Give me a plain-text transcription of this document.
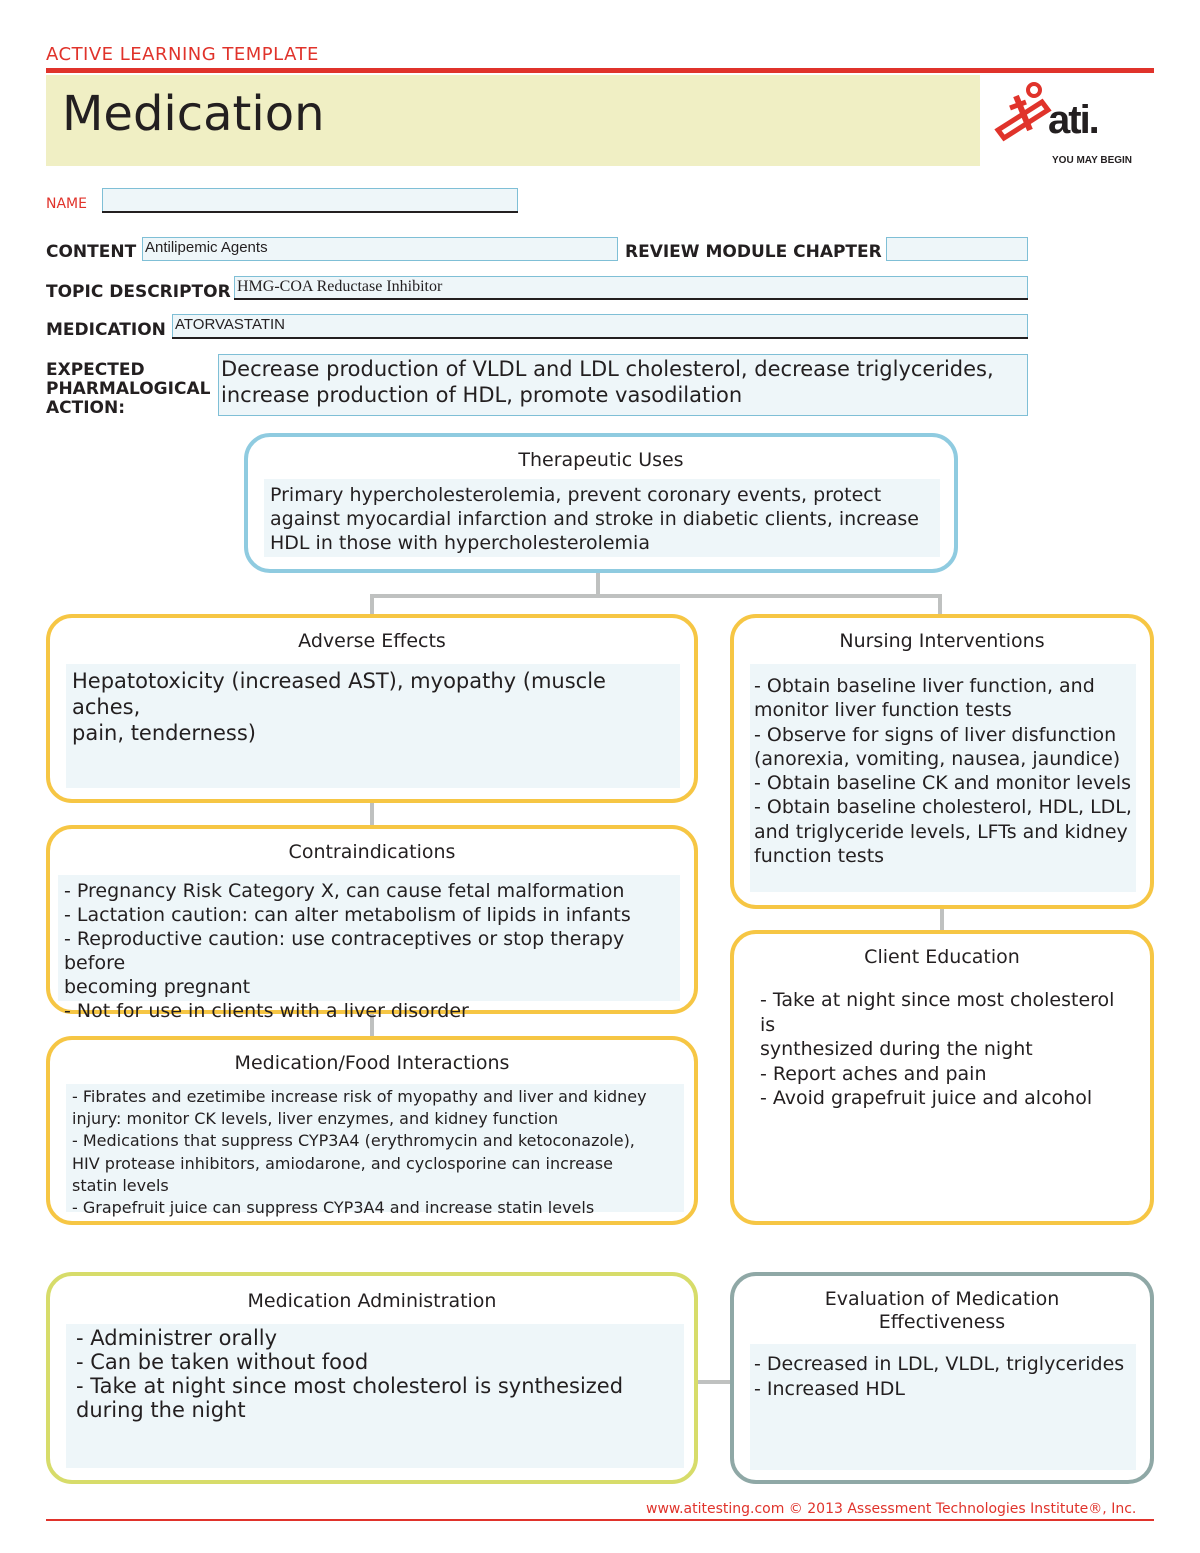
ACTIVE LEARNING TEMPLATE
Medication	ati.
YOU MAY BEGIN
NAME
CONTENT Antilipemic Agents	REVIEW MODULE CHAPTER
TOPIC DESCRIPTOR HMG-COA Reductase Inhibitor
MEDICATION ATORVASTATIN
EXPECTED PHARMALOGICAL ACTION:
Decrease production of VLDL and LDL cholesterol, decrease triglycerides, increase production of HDL, promote vasodilation
Therapeutic Uses
Primary hypercholesterolemia, prevent coronary events, protect
against myocardial infarction and stroke in diabetic clients, increase
HDL in those with hypercholesterolemia
Adverse Effects
Hepatotoxicity (increased AST), myopathy (muscle aches,
pain, tenderness)
Nursing Interventions
- Obtain baseline liver function, and
monitor liver function tests
- Observe for signs of liver disfunction
(anorexia, vomiting, nausea, jaundice)
- Obtain baseline CK and monitor levels
- Obtain baseline cholesterol, HDL, LDL,
and triglyceride levels, LFTs and kidney
function tests
Contraindications
- Pregnancy Risk Category X, can cause fetal malformation
- Lactation caution: can alter metabolism of lipids in infants
- Reproductive caution: use contraceptives or stop therapy before
becoming pregnant
- Not for use in clients with a liver disorder
Client Education
- Take at night since most cholesterol is
synthesized during the night
- Report aches and pain
- Avoid grapefruit juice and alcohol
Medication/Food Interactions
- Fibrates and ezetimibe increase risk of myopathy and liver and kidney
injury: monitor CK levels, liver enzymes, and kidney function
- Medications that suppress CYP3A4 (erythromycin and ketoconazole),
HIV protease inhibitors, amiodarone, and cyclosporine can increase
statin levels
- Grapefruit juice can suppress CYP3A4 and increase statin levels
Medication Administration
- Administrer orally
- Can be taken without food
- Take at night since most cholesterol is synthesized
during the night
Evaluation of Medication
Effectiveness
- Decreased in LDL, VLDL, triglycerides
- Increased HDL
www.atitesting.com © 2013 Assessment Technologies Institute®, Inc.
